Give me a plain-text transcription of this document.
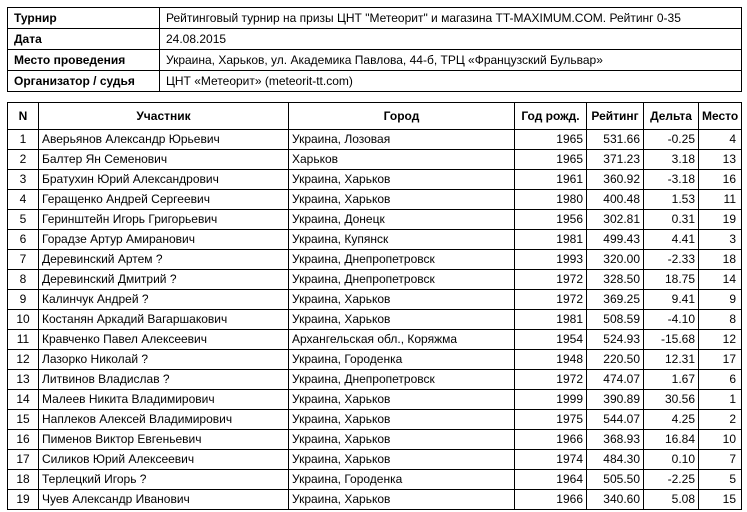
Турнир	Рейтинговый турнир на призы ЦНТ "Метеорит" и магазина TT-MAXIMUM.COM. Рейтинг 0-35
Дата	24.08.2015
Место проведения	Украина, Харьков, ул. Академика Павлова, 44-б, ТРЦ «Французский Бульвар»
Организатор / судья	ЦНТ «Метеорит» (meteorit-tt.com)
N	Участник	Город	Год рожд.	Рейтинг	Дельта	Место
1	Аверьянов Александр Юрьевич	Украина, Лозовая	1965	531.66	-0.25	4
2	Балтер Ян Семенович	Харьков	1965	371.23	3.18	13
3	Братухин Юрий Александрович	Украина, Харьков	1961	360.92	-3.18	16
4	Геращенко Андрей Сергеевич	Украина, Харьков	1980	400.48	1.53	11
5	Геринштейн Игорь Григорьевич	Украина, Донецк	1956	302.81	0.31	19
6	Горадзе Артур Амиранович	Украина, Купянск	1981	499.43	4.41	3
7	Деревинский Артем ?	Украина, Днепропетровск	1993	320.00	-2.33	18
8	Деревинский Дмитрий ?	Украина, Днепропетровск	1972	328.50	18.75	14
9	Калинчук Андрей ?	Украина, Харьков	1972	369.25	9.41	9
10	Костанян Аркадий Вагаршакович	Украина, Харьков	1981	508.59	-4.10	8
11	Кравченко Павел Алексеевич	Архангельская обл., Коряжма	1954	524.93	-15.68	12
12	Лазорко Николай ?	Украина, Городенка	1948	220.50	12.31	17
13	Литвинов Владислав ?	Украина, Днепропетровск	1972	474.07	1.67	6
14	Малеев Никита Владимирович	Украина, Харьков	1999	390.89	30.56	1
15	Наплеков Алексей Владимирович	Украина, Харьков	1975	544.07	4.25	2
16	Пименов Виктор Евгеньевич	Украина, Харьков	1966	368.93	16.84	10
17	Силиков Юрий Алексеевич	Украина, Харьков	1974	484.30	0.10	7
18	Терлецкий Игорь ?	Украина, Городенка	1964	505.50	-2.25	5
19	Чуев Александр Иванович	Украина, Харьков	1966	340.60	5.08	15
